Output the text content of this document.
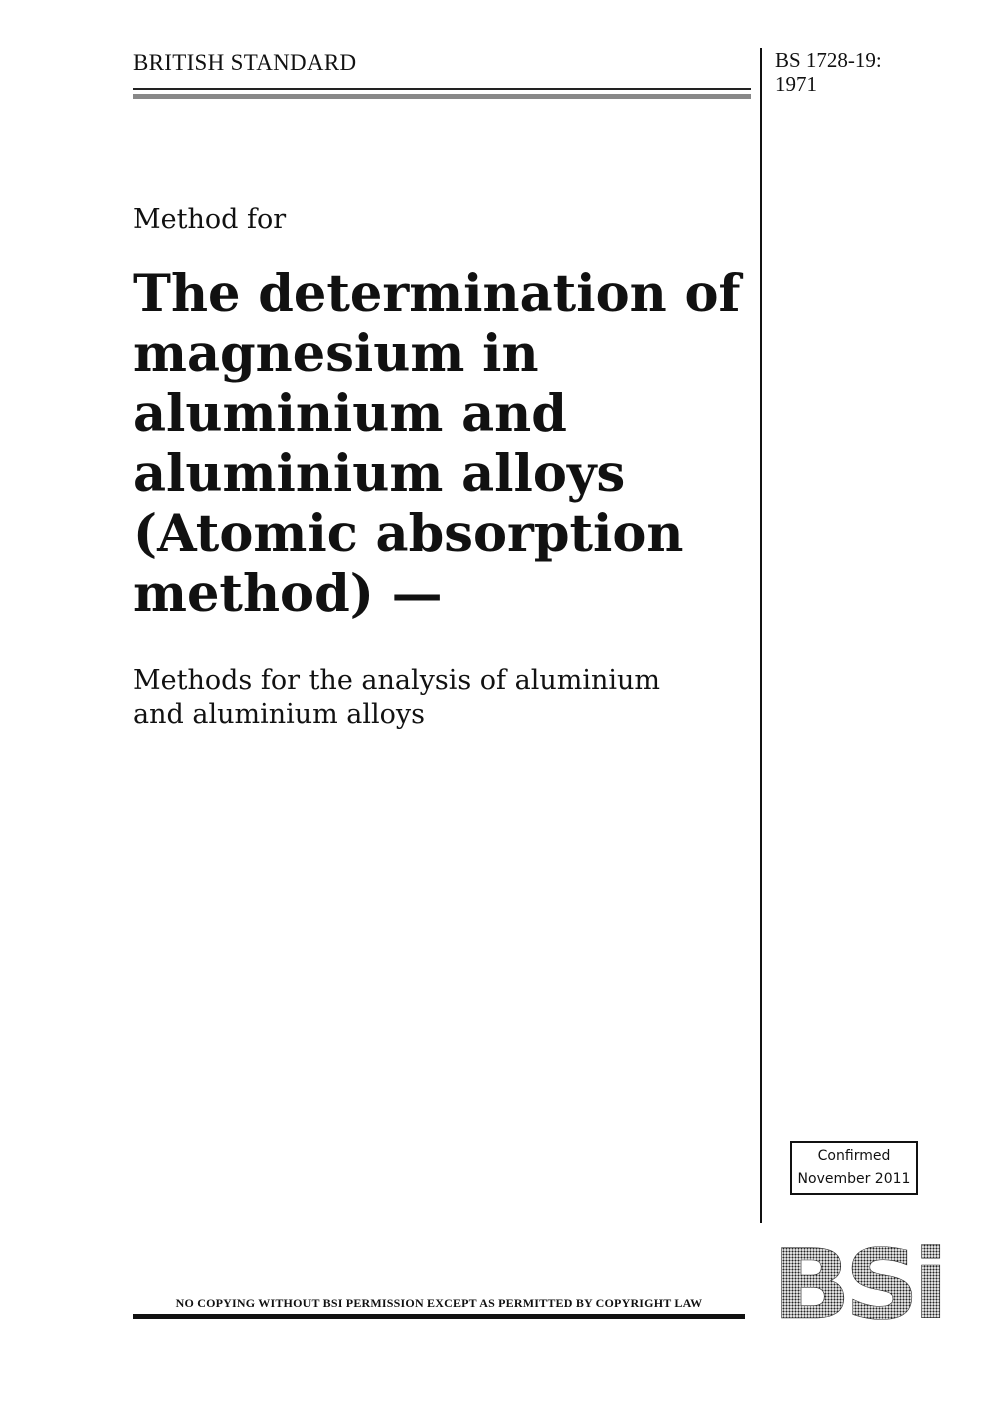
BRITISH STANDARD	BS 1728-19:
1971
Method for
The determination of
magnesium in
aluminium and
aluminium alloys
(Atomic absorption
method) —
Methods for the analysis of aluminium
and aluminium alloys
Confirmed
November 2011
NO COPYING WITHOUT BSI PERMISSION EXCEPT AS PERMITTED BY COPYRIGHT LAW BSi
